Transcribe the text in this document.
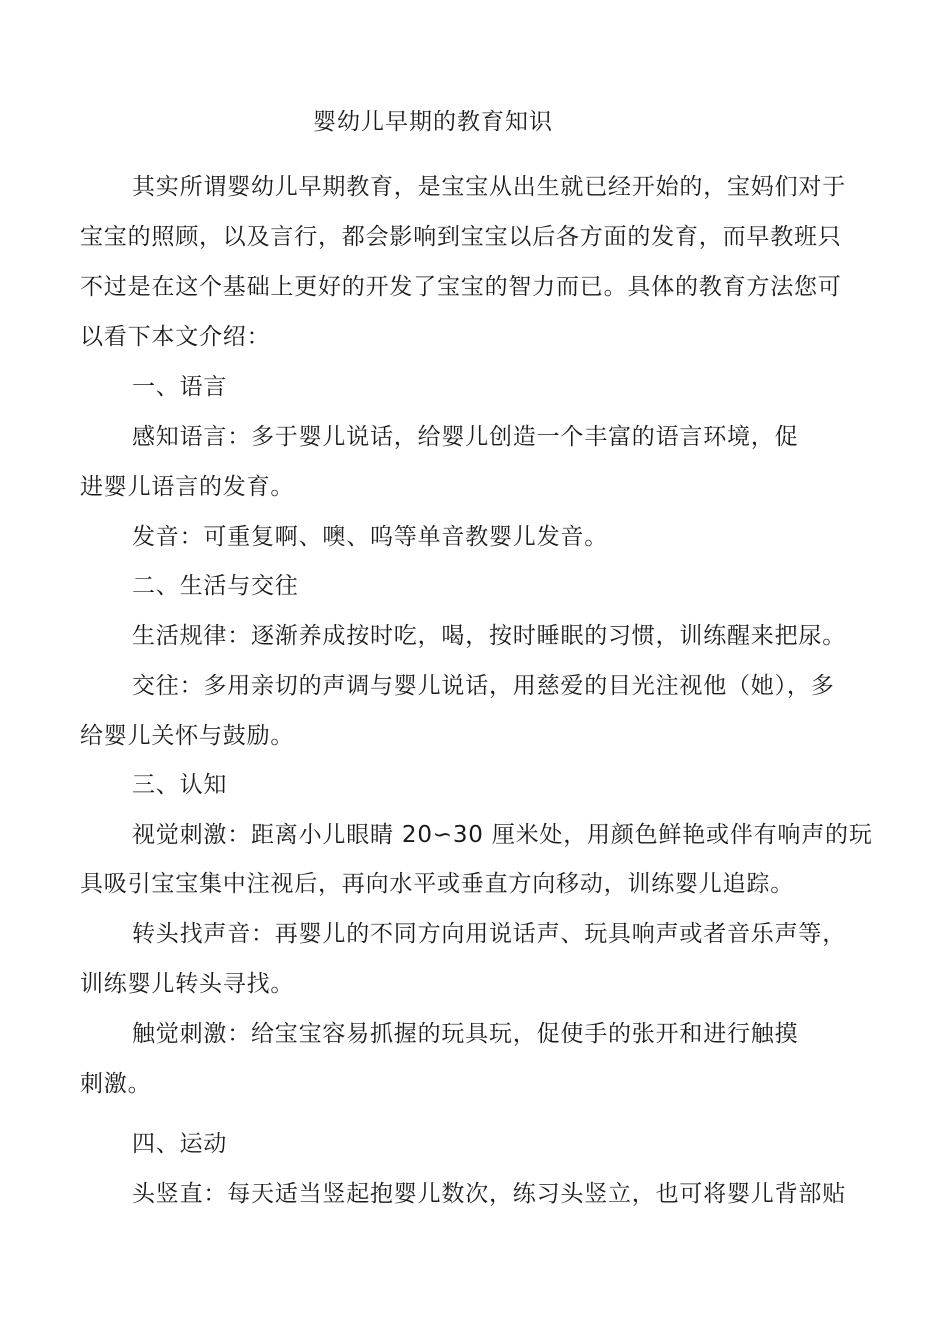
婴幼儿早期的教育知识
其实所谓婴幼儿早期教育，是宝宝从出生就已经开始的，宝妈们对于
宝宝的照顾，以及言行，都会影响到宝宝以后各方面的发育，而早教班只
不过是在这个基础上更好的开发了宝宝的智力而已。具体的教育方法您可
以看下本文介绍：
一、语言
感知语言：多于婴儿说话，给婴儿创造一个丰富的语言环境，促
进婴儿语言的发育。
发音：可重复啊、噢、呜等单音教婴儿发音。
二、生活与交往
生活规律：逐渐养成按时吃，喝，按时睡眠的习惯，训练醒来把尿。
交往：多用亲切的声调与婴儿说话，用慈爱的目光注视他（她），多
给婴儿关怀与鼓励。
三、认知
视觉刺激：距离小儿眼睛 20∽30 厘米处，用颜色鲜艳或伴有响声的玩
具吸引宝宝集中注视后，再向水平或垂直方向移动，训练婴儿追踪。
转头找声音：再婴儿的不同方向用说话声、玩具响声或者音乐声等，
训练婴儿转头寻找。
触觉刺激：给宝宝容易抓握的玩具玩，促使手的张开和进行触摸
刺激。
四、运动
头竖直：每天适当竖起抱婴儿数次，练习头竖立，也可将婴儿背部贴
